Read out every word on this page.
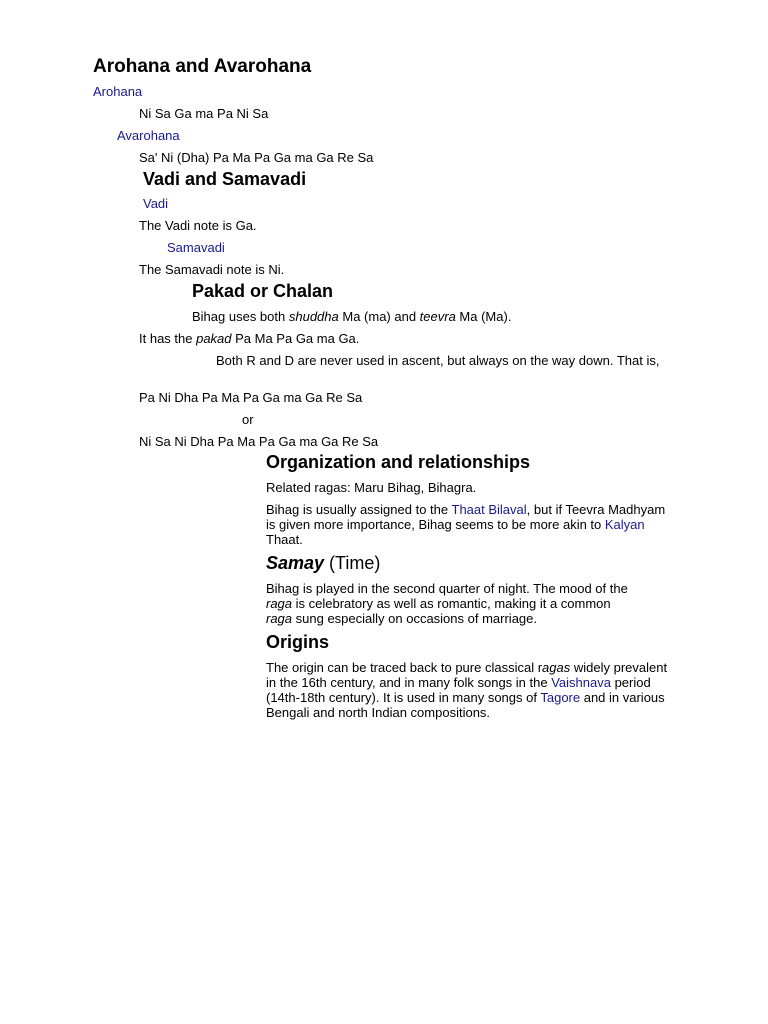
Arohana and Avarohana
Arohana
Ni Sa Ga ma Pa Ni Sa
Avarohana
Sa' Ni (Dha) Pa Ma Pa Ga ma Ga Re Sa
Vadi and Samavadi
Vadi
The Vadi note is Ga.
Samavadi
The Samavadi note is Ni.
Pakad or Chalan
Bihag uses both shuddha Ma (ma) and teevra Ma (Ma).
It has the pakad Pa Ma Pa Ga ma Ga.
Both R and D are never used in ascent, but always on the way down. That is,
Pa Ni Dha Pa Ma Pa Ga ma Ga Re Sa
or
Ni Sa Ni Dha Pa Ma Pa Ga ma Ga Re Sa
Organization and relationships
Related ragas: Maru Bihag, Bihagra.
Bihag is usually assigned to the Thaat Bilaval, but if Teevra Madhyam is given more importance, Bihag seems to be more akin to Kalyan Thaat.
Samay (Time)
Bihag is played in the second quarter of night. The mood of the raga is celebratory as well as romantic, making it a common raga sung especially on occasions of marriage.
Origins
The origin can be traced back to pure classical ragas widely prevalent in the 16th century, and in many folk songs in the Vaishnava period (14th-18th century). It is used in many songs of Tagore and in various Bengali and north Indian compositions.
